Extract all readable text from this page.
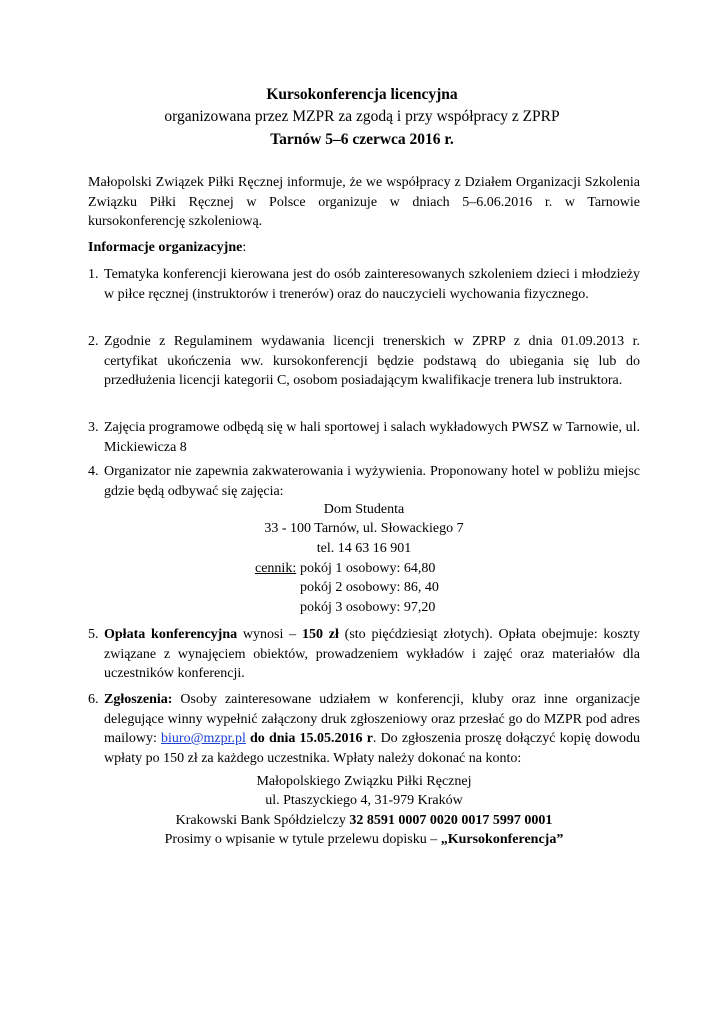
Kursokonferencja licencyjna
organizowana przez MZPR za zgodą i przy współpracy z ZPRP
Tarnów 5–6 czerwca 2016 r.
Małopolski Związek Piłki Ręcznej informuje, że we współpracy z Działem Organizacji Szkolenia Związku Piłki Ręcznej w Polsce organizuje w dniach 5–6.06.2016 r. w Tarnowie kursokonferencję szkoleniową.
Informacje organizacyjne:
1. Tematyka konferencji kierowana jest do osób zainteresowanych szkoleniem dzieci i młodzieży w piłce ręcznej (instruktorów i trenerów) oraz do nauczycieli wychowania fizycznego.
2. Zgodnie z Regulaminem wydawania licencji trenerskich w ZPRP z dnia 01.09.2013 r. certyfikat ukończenia ww. kursokonferencji będzie podstawą do ubiegania się lub do przedłużenia licencji kategorii C, osobom posiadającym kwalifikacje trenera lub instruktora.
3. Zajęcia programowe odbędą się w hali sportowej i salach wykładowych PWSZ w Tarnowie, ul. Mickiewicza 8
4. Organizator nie zapewnia zakwaterowania i wyżywienia. Proponowany hotel w pobliżu miejsc gdzie będą odbywać się zajęcia:
Dom Studenta
33 - 100 Tarnów, ul. Słowackiego 7
tel. 14 63 16 901
cennik: pokój 1 osobowy: 64,80
pokój 2 osobowy: 86, 40
pokój 3 osobowy: 97,20
5. Opłata konferencyjna wynosi – 150 zł (sto pięćdziesiąt złotych). Opłata obejmuje: koszty związane z wynajęciem obiektów, prowadzeniem wykładów i zajęć oraz materiałów dla uczestników konferencji.
6. Zgłoszenia: Osoby zainteresowane udziałem w konferencji, kluby oraz inne organizacje delegujące winny wypełnić załączony druk zgłoszeniowy oraz przesłać go do MZPR pod adres mailowy: biuro@mzpr.pl do dnia 15.05.2016 r. Do zgłoszenia proszę dołączyć kopię dowodu wpłaty po 150 zł za każdego uczestnika. Wpłaty należy dokonać na konto:
Małopolskiego Związku Piłki Ręcznej
ul. Ptaszyckiego 4, 31-979 Kraków
Krakowski Bank Spółdzielczy 32 8591 0007 0020 0017 5997 0001
Prosimy o wpisanie w tytule przelewu dopisku – „Kursokonferencja”
